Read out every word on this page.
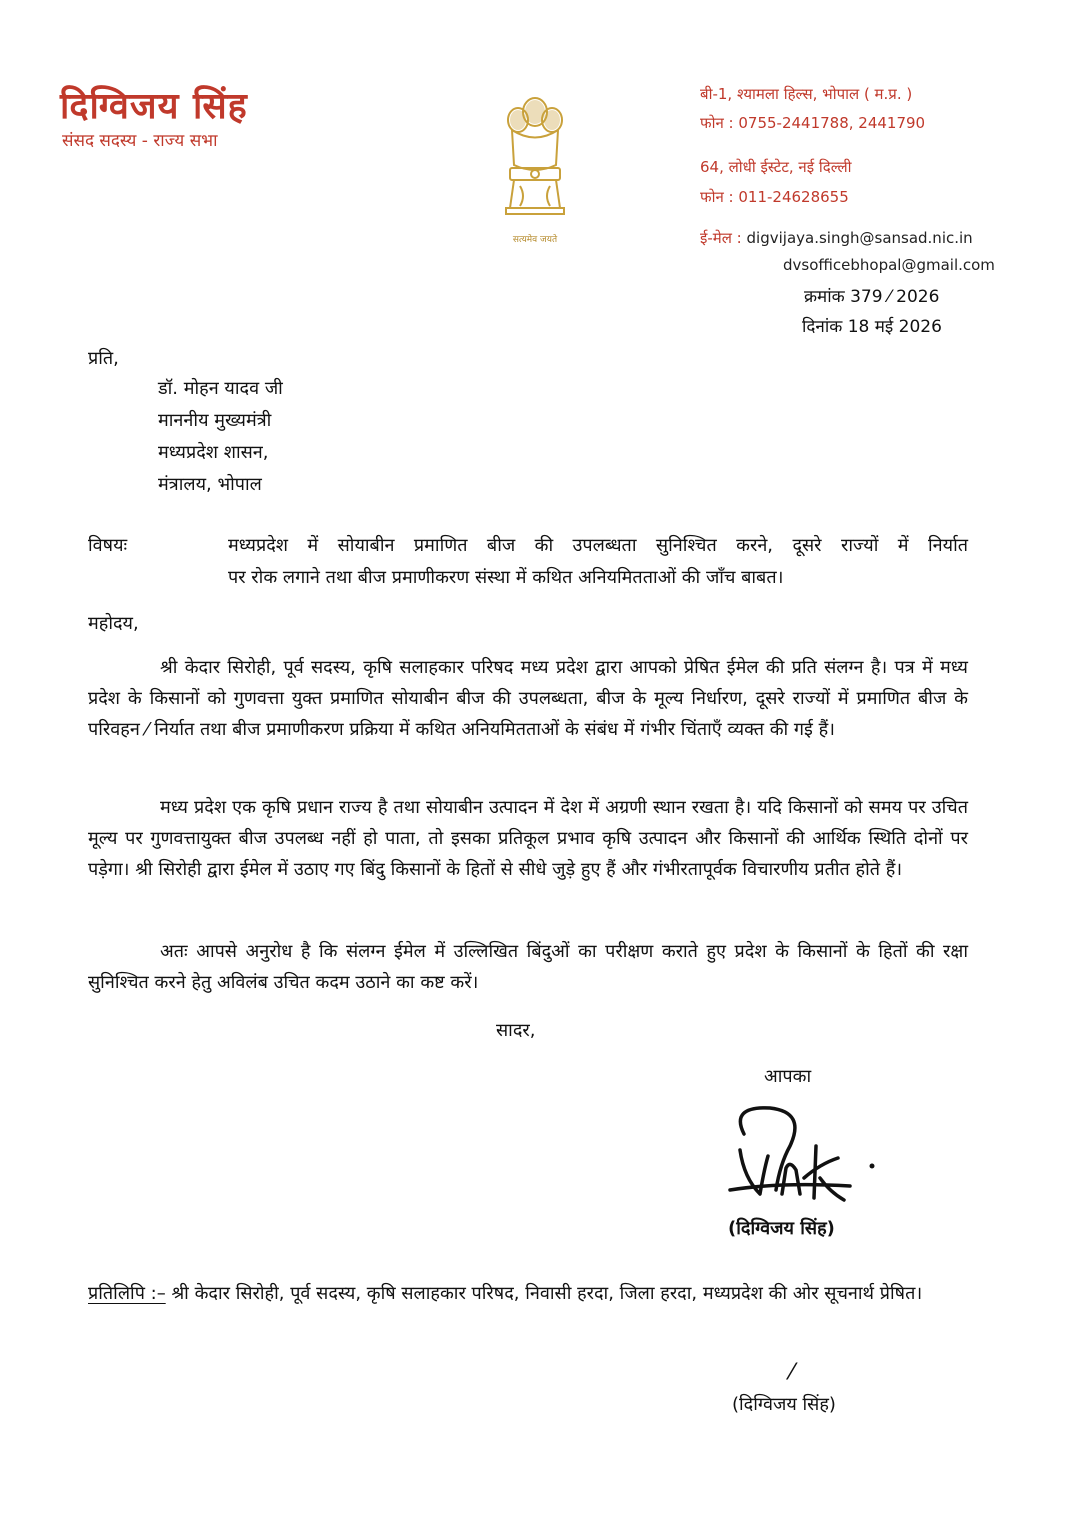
दिग्विजय सिंह
संसद सदस्य - राज्य सभा
सत्यमेव जयते
बी-1, श्यामला हिल्स, भोपाल ( म.प्र. )
फोन : 0755-2441788, 2441790
64, लोधी ईस्टेट, नई दिल्ली
फोन : 011-24628655
ई-मेल : digvijaya.singh@sansad.nic.in
dvsofficebhopal@gmail.com
क्रमांक 379 ⁄ 2026
दिनांक 18 मई 2026
प्रति,
डॉ. मोहन यादव जी
माननीय मुख्यमंत्री
मध्यप्रदेश शासन,
मंत्रालय, भोपाल
विषयः	मध्यप्रदेश में सोयाबीन प्रमाणित बीज की उपलब्धता सुनिश्चित करने, दूसरे राज्यों में निर्यात
पर रोक लगाने तथा बीज प्रमाणीकरण संस्था में कथित अनियमितताओं की जाँच बाबत।
महोदय,
श्री केदार सिरोही, पूर्व सदस्य, कृषि सलाहकार परिषद मध्य प्रदेश द्वारा आपको प्रेषित ईमेल की प्रति संलग्न है। पत्र में मध्य प्रदेश के किसानों को गुणवत्ता युक्त प्रमाणित सोयाबीन बीज की उपलब्धता, बीज के मूल्य निर्धारण, दूसरे राज्यों में प्रमाणित बीज के परिवहन ⁄ निर्यात तथा बीज प्रमाणीकरण प्रक्रिया में कथित अनियमितताओं के संबंध में गंभीर चिंताएँ व्यक्त की गई हैं।
मध्य प्रदेश एक कृषि प्रधान राज्य है तथा सोयाबीन उत्पादन में देश में अग्रणी स्थान रखता है। यदि किसानों को समय पर उचित मूल्य पर गुणवत्तायुक्त बीज उपलब्ध नहीं हो पाता, तो इसका प्रतिकूल प्रभाव कृषि उत्पादन और किसानों की आर्थिक स्थिति दोनों पर पड़ेगा। श्री सिरोही द्वारा ईमेल में उठाए गए बिंदु किसानों के हितों से सीधे जुड़े हुए हैं और गंभीरतापूर्वक विचारणीय प्रतीत होते हैं।
अतः आपसे अनुरोध है कि संलग्न ईमेल में उल्लिखित बिंदुओं का परीक्षण कराते हुए प्रदेश के किसानों के हितों की रक्षा सुनिश्चित करने हेतु अविलंब उचित कदम उठाने का कष्ट करें।
सादर,
आपका
(दिग्विजय सिंह)
प्रतिलिपि :– श्री केदार सिरोही, पूर्व सदस्य, कृषि सलाहकार परिषद, निवासी हरदा, जिला हरदा, मध्यप्रदेश की ओर सूचनार्थ प्रेषित।
⁄
(दिग्विजय सिंह)
